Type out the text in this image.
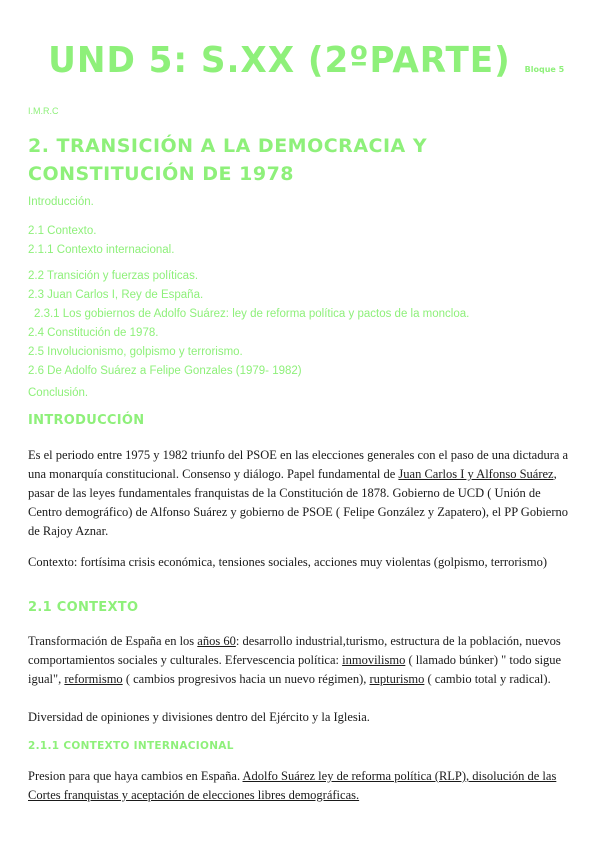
UND 5: S.XX (2ºPARTE) Bloque 5
I.M.R.C
2. TRANSICIÓN A LA DEMOCRACIA Y CONSTITUCIÓN DE 1978
Introducción.
2.1 Contexto.
2.1.1 Contexto internacional.
2.2 Transición y fuerzas políticas.
2.3 Juan Carlos I, Rey de España.
2.3.1 Los gobiernos de Adolfo Suárez: ley de reforma política y pactos de la moncloa.
2.4 Constitución de 1978.
2.5 Involucionismo, golpismo y terrorismo.
2.6 De Adolfo Suárez a Felipe Gonzales (1979- 1982)
Conclusión.
INTRODUCCIÓN
Es el periodo entre 1975 y 1982 triunfo del PSOE en las elecciones generales con el paso de una dictadura a una monarquía constitucional. Consenso y diálogo. Papel fundamental de Juan Carlos I y Alfonso Suárez, pasar de las leyes fundamentales franquistas de la Constitución de 1878. Gobierno de UCD ( Unión de Centro demográfico) de Alfonso Suárez y gobierno de PSOE ( Felipe González y Zapatero), el PP Gobierno de Rajoy Aznar.
Contexto: fortísima crisis económica, tensiones sociales, acciones muy violentas (golpismo, terrorismo)
2.1 CONTEXTO
Transformación de España en los años 60: desarrollo industrial,turismo, estructura de la población, nuevos comportamientos sociales y culturales. Efervescencia política: inmovilismo ( llamado búnker) " todo sigue igual", reformismo ( cambios progresivos hacia un nuevo régimen), rupturismo ( cambio total y radical).
Diversidad de opiniones y divisiones dentro del Ejército y la Iglesia.
2.1.1 CONTEXTO INTERNACIONAL
Presion para que haya cambios en España. Adolfo Suárez ley de reforma política (RLP), disolución de las Cortes franquistas y aceptación de elecciones libres demográficas.
